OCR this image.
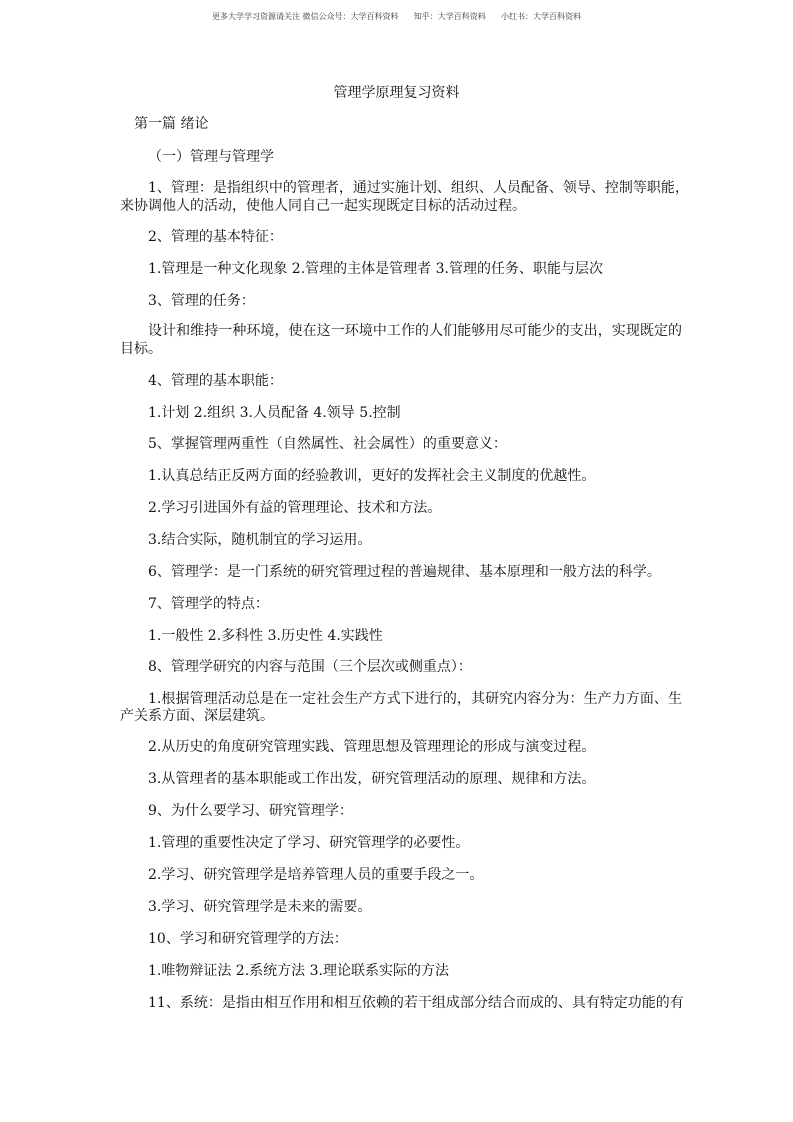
更多大学学习资源请关注 微信公众号：大学百科资料      知乎：大学百科资料      小红书：大学百科资料
管理学原理复习资料
第一篇 绪论
（一）管理与管理学
1、管理：是指组织中的管理者，通过实施计划、组织、人员配备、领导、控制等职能，
来协调他人的活动，使他人同自己一起实现既定目标的活动过程。
2、管理的基本特征：
1.管理是一种文化现象 2.管理的主体是管理者 3.管理的任务、职能与层次
3、管理的任务：
设计和维持一种环境，使在这一环境中工作的人们能够用尽可能少的支出，实现既定的
目标。
4、管理的基本职能：
1.计划 2.组织 3.人员配备 4.领导 5.控制
5、掌握管理两重性（自然属性、社会属性）的重要意义：
1.认真总结正反两方面的经验教训，更好的发挥社会主义制度的优越性。
2.学习引进国外有益的管理理论、技术和方法。
3.结合实际，随机制宜的学习运用。
6、管理学：是一门系统的研究管理过程的普遍规律、基本原理和一般方法的科学。
7、管理学的特点：
1.一般性 2.多科性 3.历史性 4.实践性
8、管理学研究的内容与范围（三个层次或侧重点）：
1.根据管理活动总是在一定社会生产方式下进行的，其研究内容分为：生产力方面、生
产关系方面、深层建筑。
2.从历史的角度研究管理实践、管理思想及管理理论的形成与演变过程。
3.从管理者的基本职能或工作出发，研究管理活动的原理、规律和方法。
9、为什么要学习、研究管理学：
1.管理的重要性决定了学习、研究管理学的必要性。
2.学习、研究管理学是培养管理人员的重要手段之一。
3.学习、研究管理学是未来的需要。
10、学习和研究管理学的方法：
1.唯物辩证法 2.系统方法 3.理论联系实际的方法
11、系统：是指由相互作用和相互依赖的若干组成部分结合而成的、具有特定功能的有
